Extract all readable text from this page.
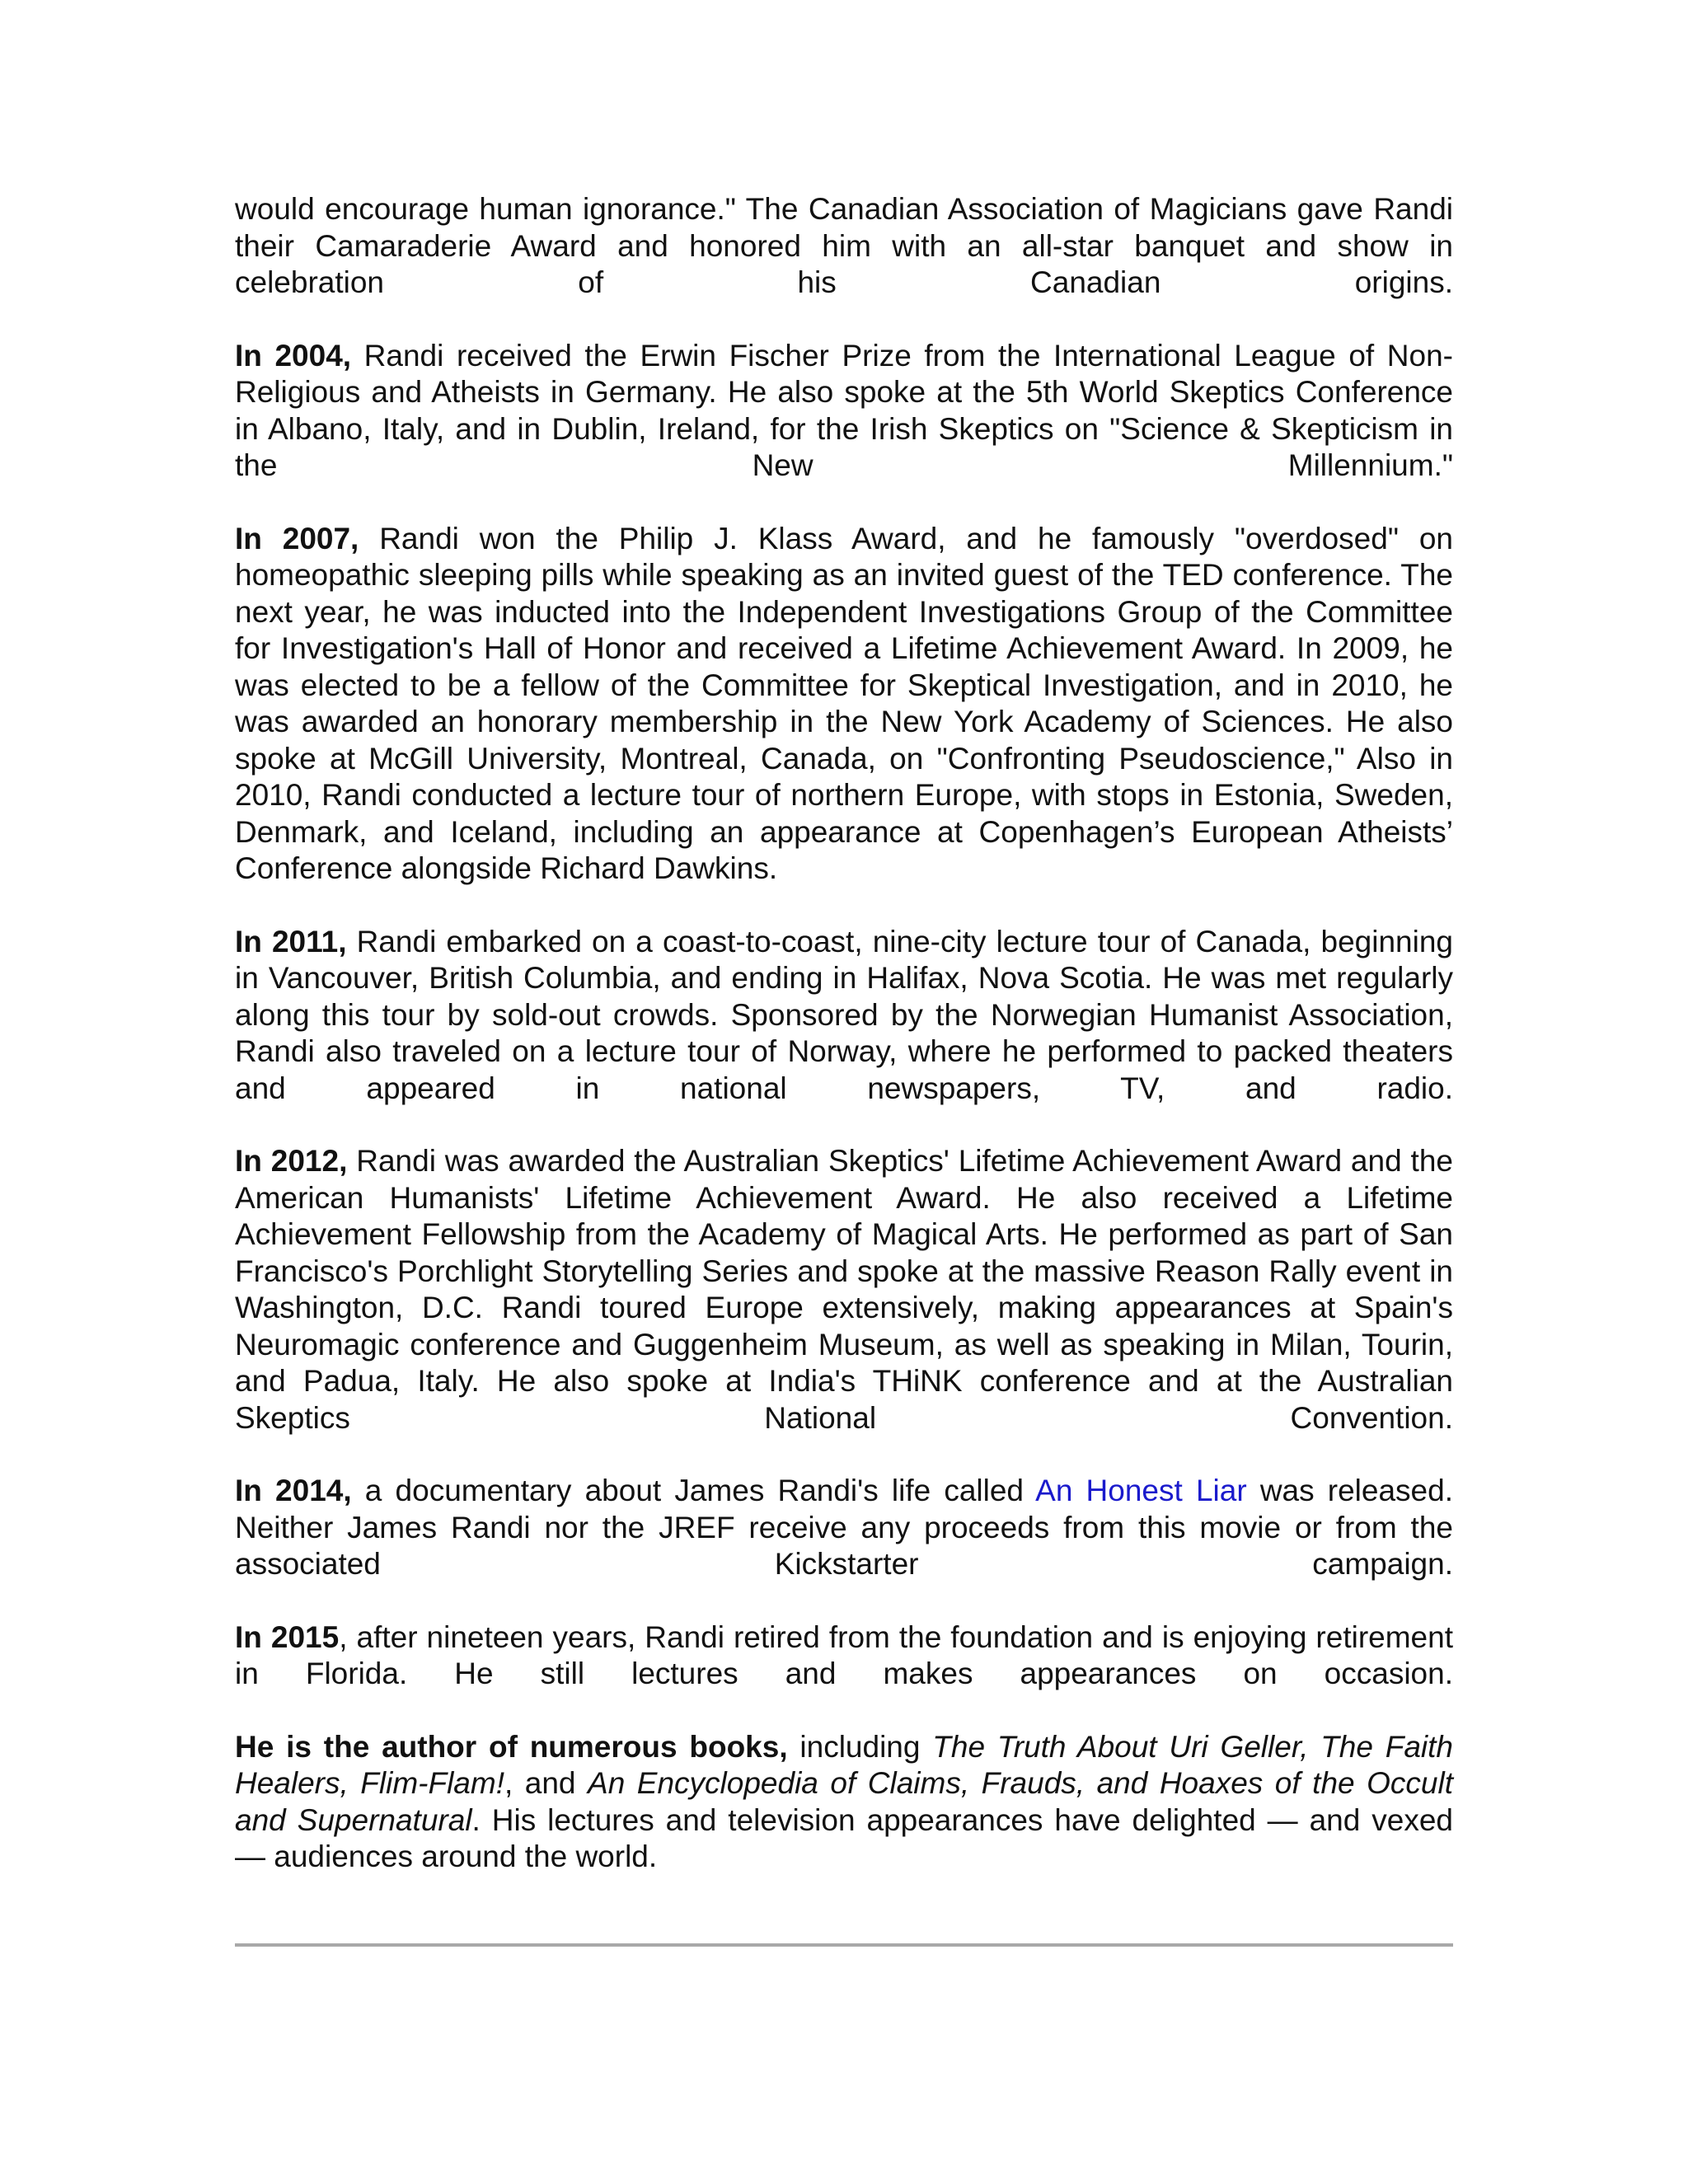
would encourage human ignorance." The Canadian Association of Magicians gave Randi their Camaraderie Award and honored him with an all-star banquet and show in celebration of his Canadian origins.

In 2004, Randi received the Erwin Fischer Prize from the International League of Non-Religious and Atheists in Germany. He also spoke at the 5th World Skeptics Conference in Albano, Italy, and in Dublin, Ireland, for the Irish Skeptics on "Science & Skepticism in the New Millennium."

In 2007, Randi won the Philip J. Klass Award, and he famously "overdosed" on homeopathic sleeping pills while speaking as an invited guest of the TED conference. The next year, he was inducted into the Independent Investigations Group of the Committee for Investigation's Hall of Honor and received a Lifetime Achievement Award. In 2009, he was elected to be a fellow of the Committee for Skeptical Investigation, and in 2010, he was awarded an honorary membership in the New York Academy of Sciences. He also spoke at McGill University, Montreal, Canada, on "Confronting Pseudoscience," Also in 2010, Randi conducted a lecture tour of northern Europe, with stops in Estonia, Sweden, Denmark, and Iceland, including an appearance at Copenhagen’s European Atheists’ Conference alongside Richard Dawkins.

In 2011, Randi embarked on a coast-to-coast, nine-city lecture tour of Canada, beginning in Vancouver, British Columbia, and ending in Halifax, Nova Scotia. He was met regularly along this tour by sold-out crowds. Sponsored by the Norwegian Humanist Association, Randi also traveled on a lecture tour of Norway, where he performed to packed theaters and appeared in national newspapers, TV, and radio.

In 2012, Randi was awarded the Australian Skeptics' Lifetime Achievement Award and the American Humanists' Lifetime Achievement Award. He also received a Lifetime Achievement Fellowship from the Academy of Magical Arts. He performed as part of San Francisco's Porchlight Storytelling Series and spoke at the massive Reason Rally event in Washington, D.C. Randi toured Europe extensively, making appearances at Spain's Neuromagic conference and Guggenheim Museum, as well as speaking in Milan, Tourin, and Padua, Italy. He also spoke at India's THiNK conference and at the Australian Skeptics National Convention.

In 2014, a documentary about James Randi's life called An Honest Liar was released. Neither James Randi nor the JREF receive any proceeds from this movie or from the associated Kickstarter campaign.

In 2015, after nineteen years, Randi retired from the foundation and is enjoying retirement in Florida. He still lectures and makes appearances on occasion.

He is the author of numerous books, including The Truth About Uri Geller, The Faith Healers, Flim-Flam!, and An Encyclopedia of Claims, Frauds, and Hoaxes of the Occult and Supernatural. His lectures and television appearances have delighted — and vexed — audiences around the world.
